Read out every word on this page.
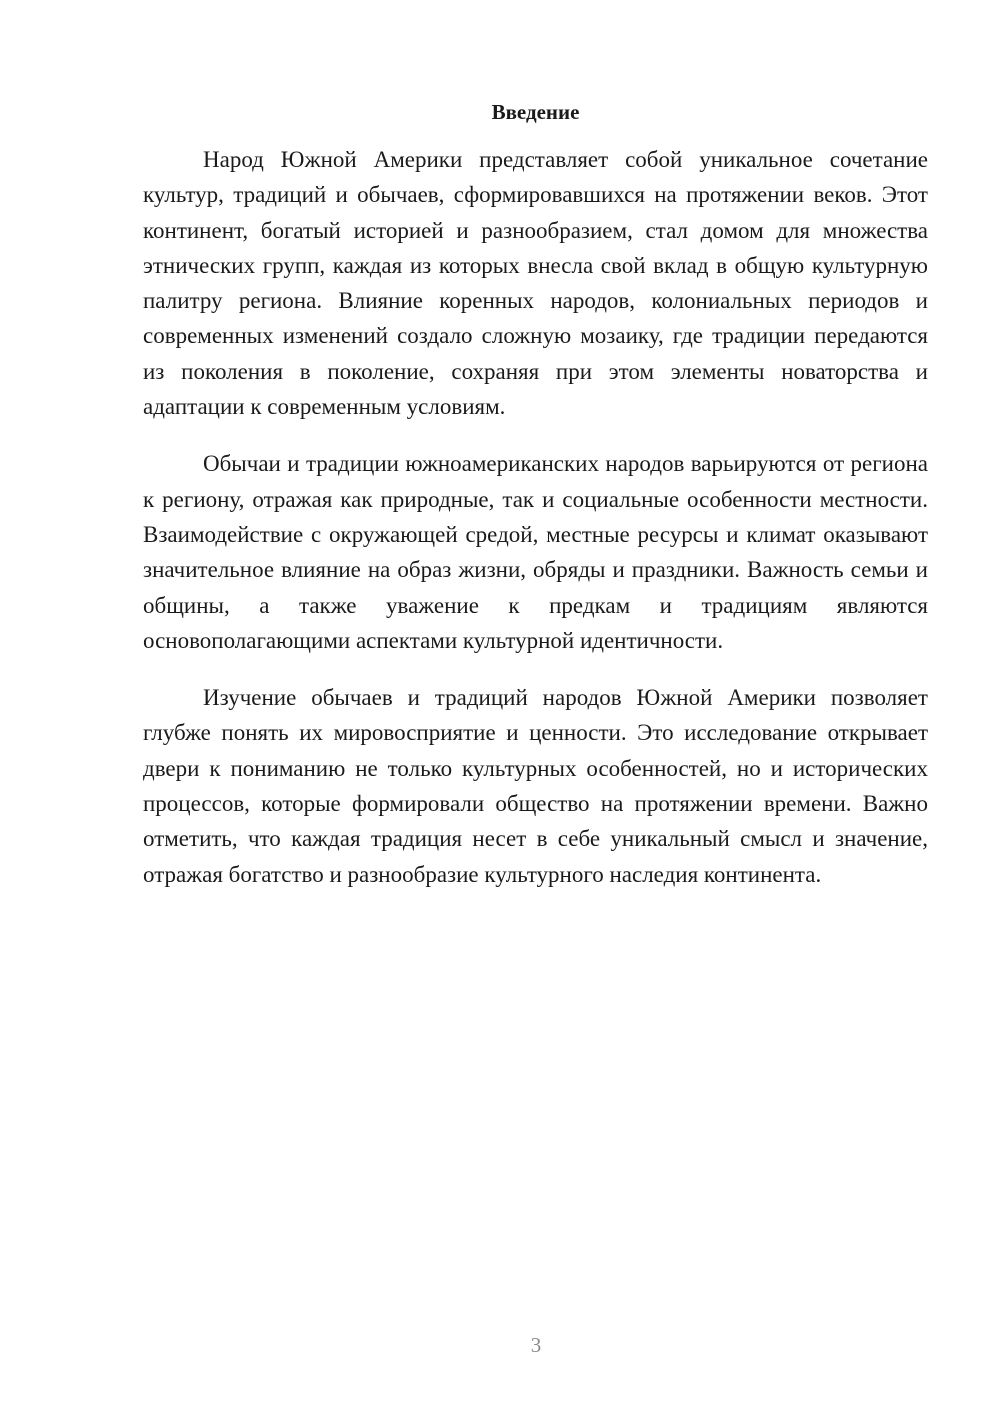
Введение

Народ Южной Америки представляет собой уникальное сочетание культур, традиций и обычаев, сформировавшихся на протяжении веков. Этот континент, богатый историей и разнообразием, стал домом для множества этнических групп, каждая из которых внесла свой вклад в общую культурную палитру региона. Влияние коренных народов, колониальных периодов и современных изменений создало сложную мозаику, где традиции передаются из поколения в поколение, сохраняя при этом элементы новаторства и адаптации к современным условиям.

Обычаи и традиции южноамериканских народов варьируются от региона к региону, отражая как природные, так и социальные особенности местности. Взаимодействие с окружающей средой, местные ресурсы и климат оказывают значительное влияние на образ жизни, обряды и праздники. Важность семьи и общины, а также уважение к предкам и традициям являются основополагающими аспектами культурной идентичности.

Изучение обычаев и традиций народов Южной Америки позволяет глубже понять их мировосприятие и ценности. Это исследование открывает двери к пониманию не только культурных особенностей, но и исторических процессов, которые формировали общество на протяжении времени. Важно отметить, что каждая традиция несет в себе уникальный смысл и значение, отражая богатство и разнообразие культурного наследия континента.

3
